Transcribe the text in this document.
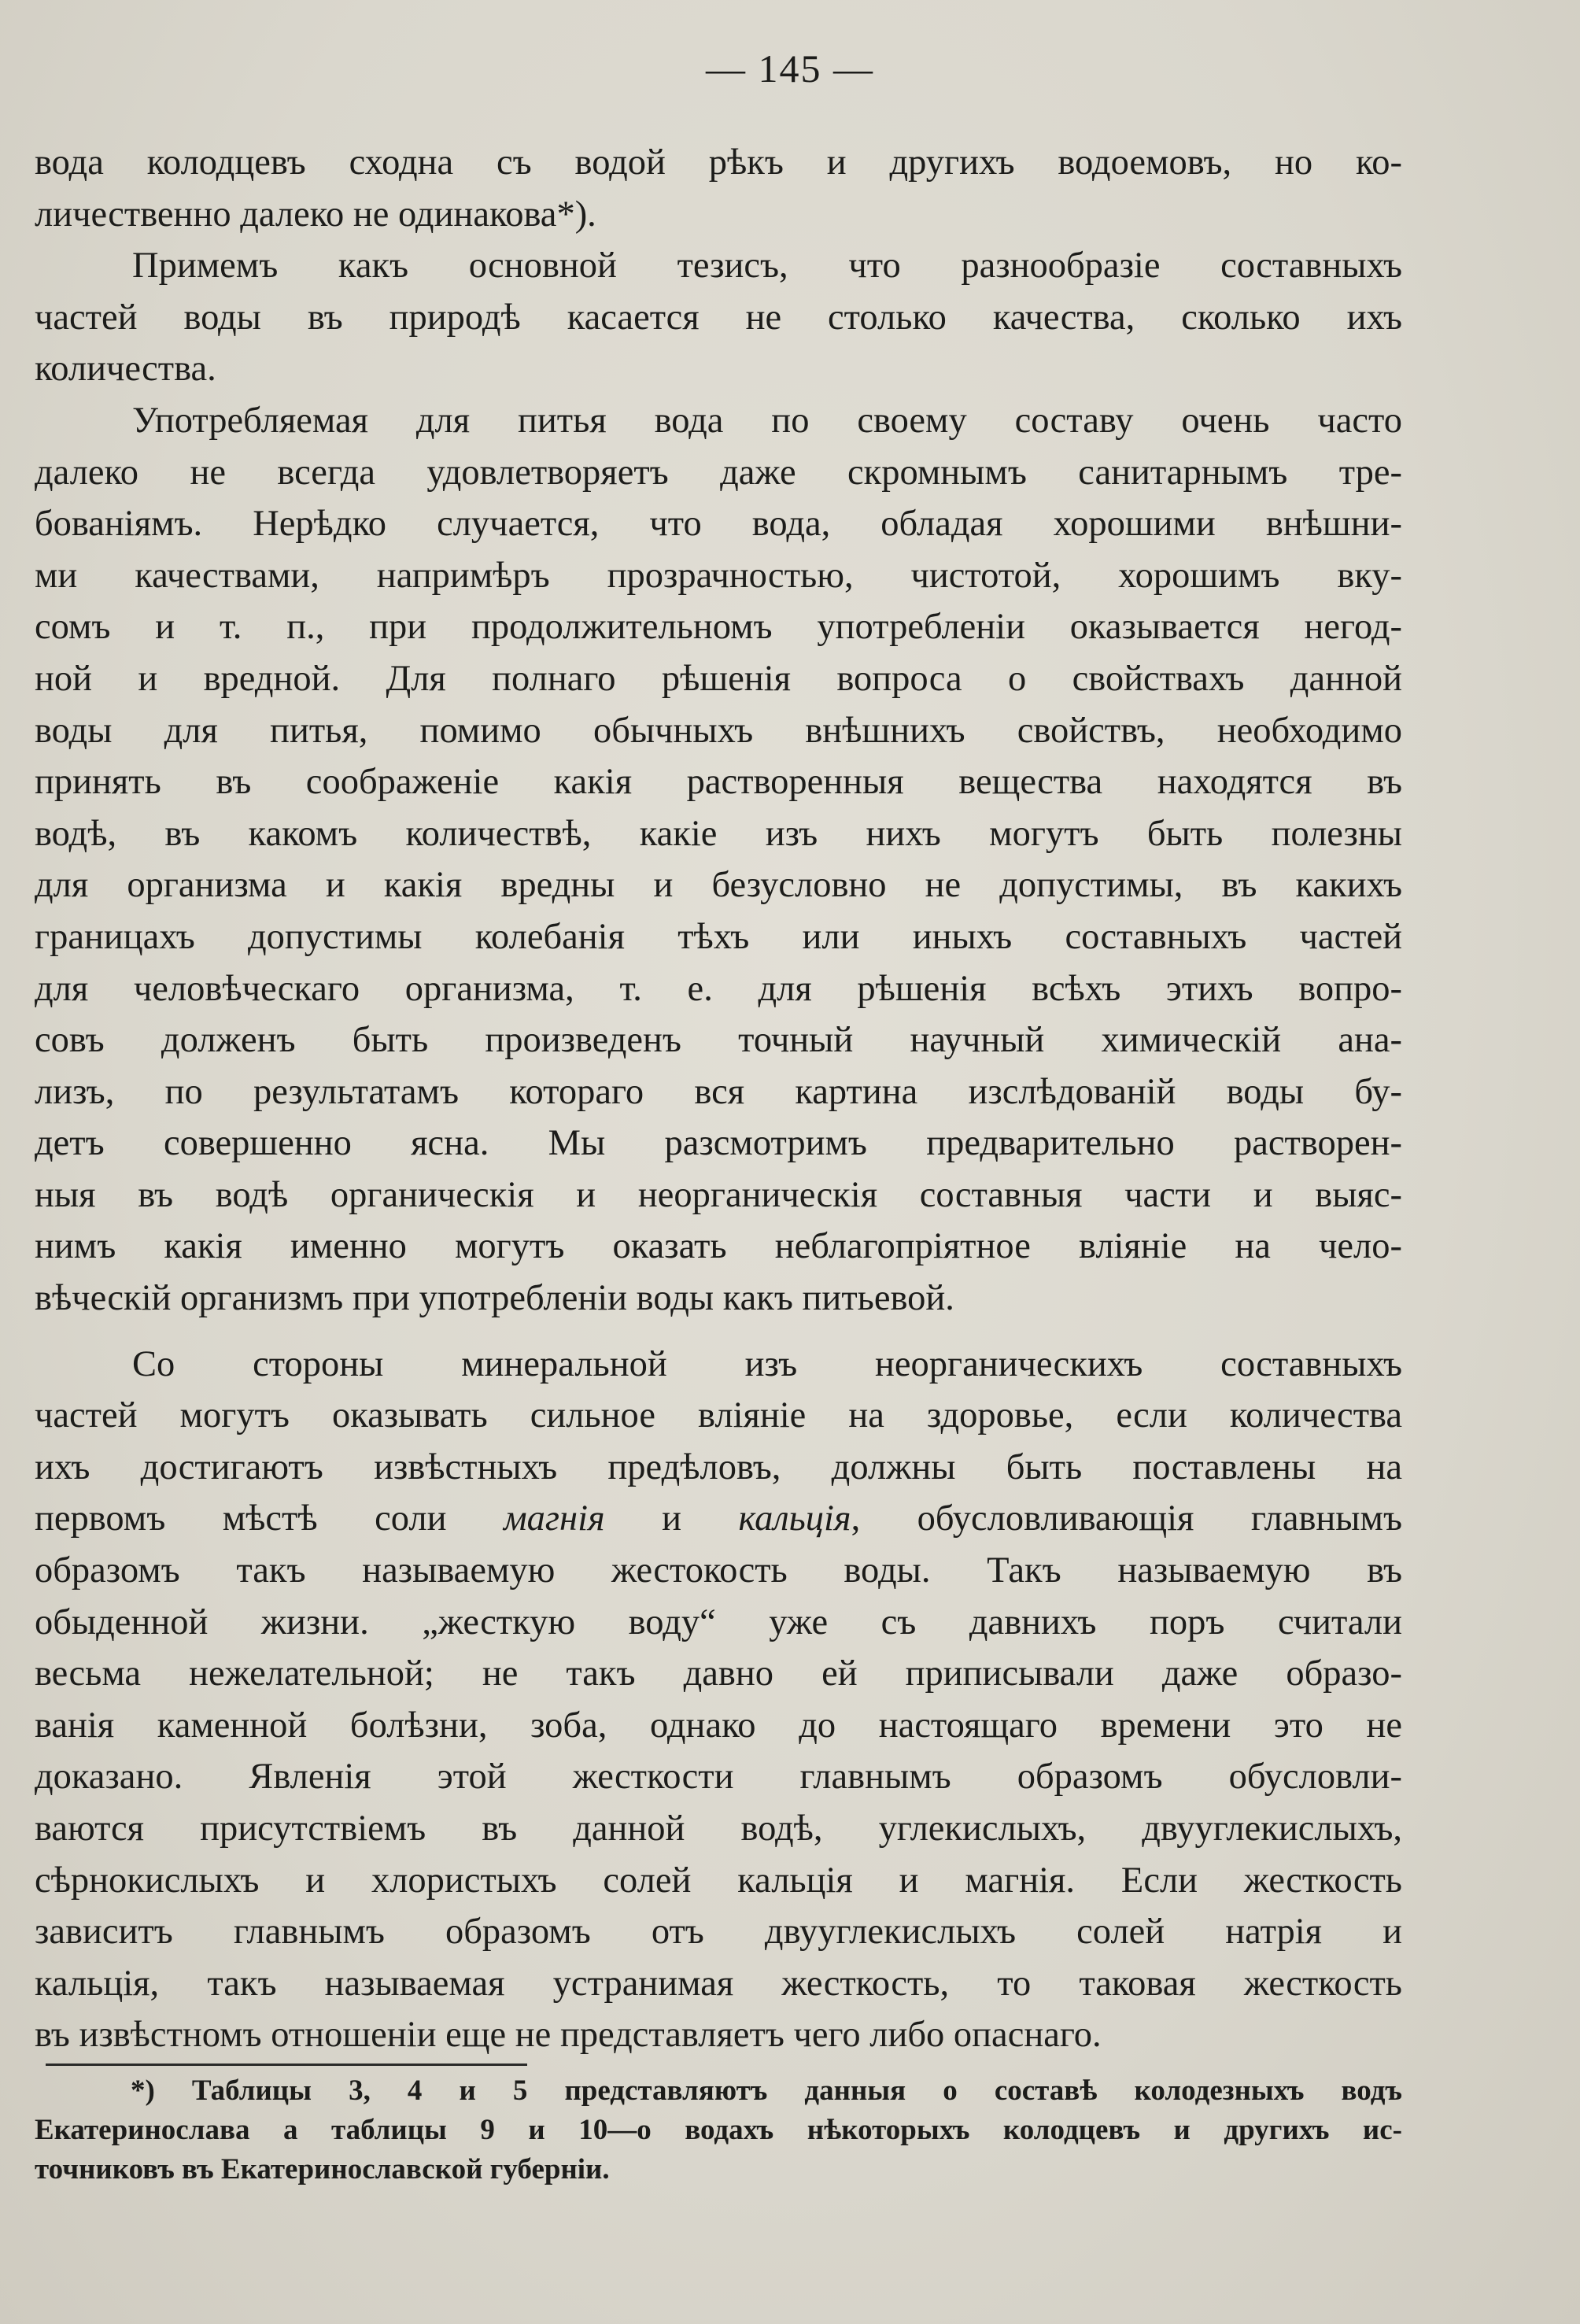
— 145 —

вода колодцевъ сходна съ водой рѣкъ и другихъ водоемовъ, но ко-
личественно далеко не одинакова*).

Примемъ какъ основной тезисъ, что разнообразіе составныхъ
частей воды въ природѣ касается не столько качества, сколько ихъ
количества.

Употребляемая для питья вода по своему составу очень часто
далеко не всегда удовлетворяетъ даже скромнымъ санитарнымъ тре-
бованіямъ. Нерѣдко случается, что вода, обладая хорошими внѣшни-
ми качествами, напримѣръ прозрачностью, чистотой, хорошимъ вку-
сомъ и т. п., при продолжительномъ употребленіи оказывается негод-
ной и вредной. Для полнаго рѣшенія вопроса о свойствахъ данной
воды для питья, помимо обычныхъ внѣшнихъ свойствъ, необходимо
принять въ соображеніе какія растворенныя вещества находятся въ
водѣ, въ какомъ количествѣ, какіе изъ нихъ могутъ быть полезны
для организма и какія вредны и безусловно не допустимы, въ какихъ
границахъ допустимы колебанія тѣхъ или иныхъ составныхъ частей
для человѣческаго организма, т. е. для рѣшенія всѣхъ этихъ вопро-
совъ долженъ быть произведенъ точный научный химическій ана-
лизъ, по результатамъ котораго вся картина изслѣдованій воды бу-
детъ совершенно ясна. Мы разсмотримъ предварительно растворен-
ныя въ водѣ органическія и неорганическія составныя части и выяс-
нимъ какія именно могутъ оказать неблагопріятное вліяніе на чело-
вѣческій организмъ при употребленіи воды какъ питьевой.

Со стороны минеральной изъ неорганическихъ составныхъ
частей могутъ оказывать сильное вліяніе на здоровье, если количества
ихъ достигаютъ извѣстныхъ предѣловъ, должны быть поставлены на
первомъ мѣстѣ соли магнія и кальція, обусловливающія главнымъ
образомъ такъ называемую жестокость воды. Такъ называемую въ
обыденной жизни. „жесткую воду“ уже съ давнихъ поръ считали
весьма нежелательной; не такъ давно ей приписывали даже образо-
ванія каменной болѣзни, зоба, однако до настоящаго времени это не
доказано. Явленія этой жесткости главнымъ образомъ обусловли-
ваются присутствіемъ въ данной водѣ, углекислыхъ, двууглекислыхъ,
сѣрнокислыхъ и хлористыхъ солей кальція и магнія. Если жесткость
зависитъ главнымъ образомъ отъ двууглекислыхъ солей натрія и
кальція, такъ называемая устранимая жесткость, то таковая жесткость
въ извѣстномъ отношеніи еще не представляетъ чего либо опаснаго.

*) Таблицы 3, 4 и 5 представляютъ данныя о составѣ колодезныхъ водъ
Екатеринослава а таблицы 9 и 10—о водахъ нѣкоторыхъ колодцевъ и другихъ ис-
точниковъ въ Екатеринославской губерніи.
